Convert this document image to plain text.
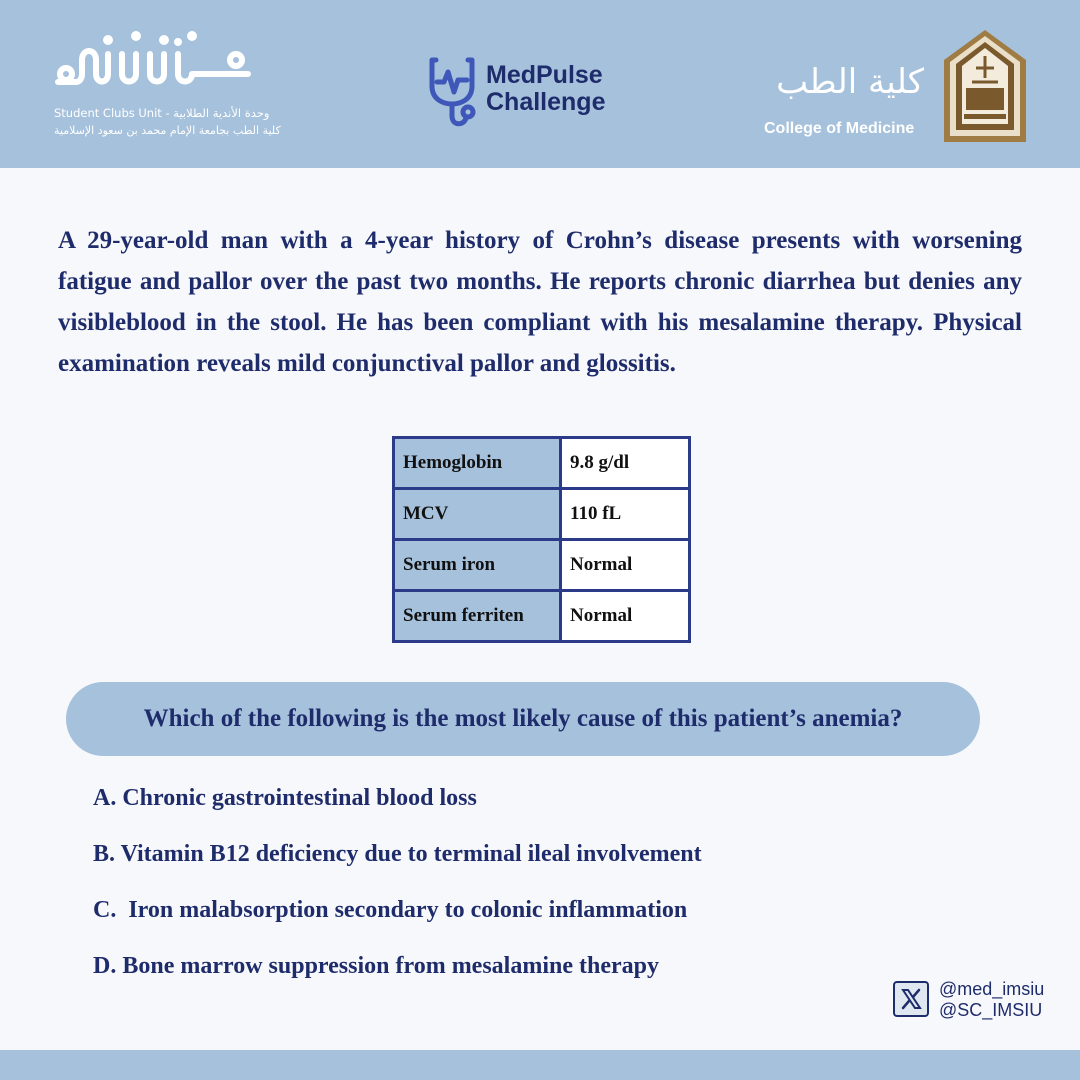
Student Clubs Unit - وحدة الأندية الطلابية
كلية الطب بجامعة الإمام محمد بن سعود الإسلامية
MedPulse
Challenge	كلية الطب
College of Medicine

A 29-year-old man with a 4-year history of Crohn’s disease presents with worsening fatigue and pallor over the past two months. He reports chronic diarrhea but denies any visibleblood in the stool. He has been compliant with his mesalamine therapy. Physical examination reveals mild conjunctival pallor and glossitis.

Hemoglobin	9.8 g/dl
MCV	110 fL
Serum iron	Normal
Serum ferriten	Normal
Which of the following is the most likely cause of this patient’s anemia?
A. Chronic gastrointestinal blood loss
B. Vitamin B12 deficiency due to terminal ileal involvement
C.  Iron malabsorption secondary to colonic inflammation
D. Bone marrow suppression from mesalamine therapy
@med_imsiu
@SC_IMSIU
